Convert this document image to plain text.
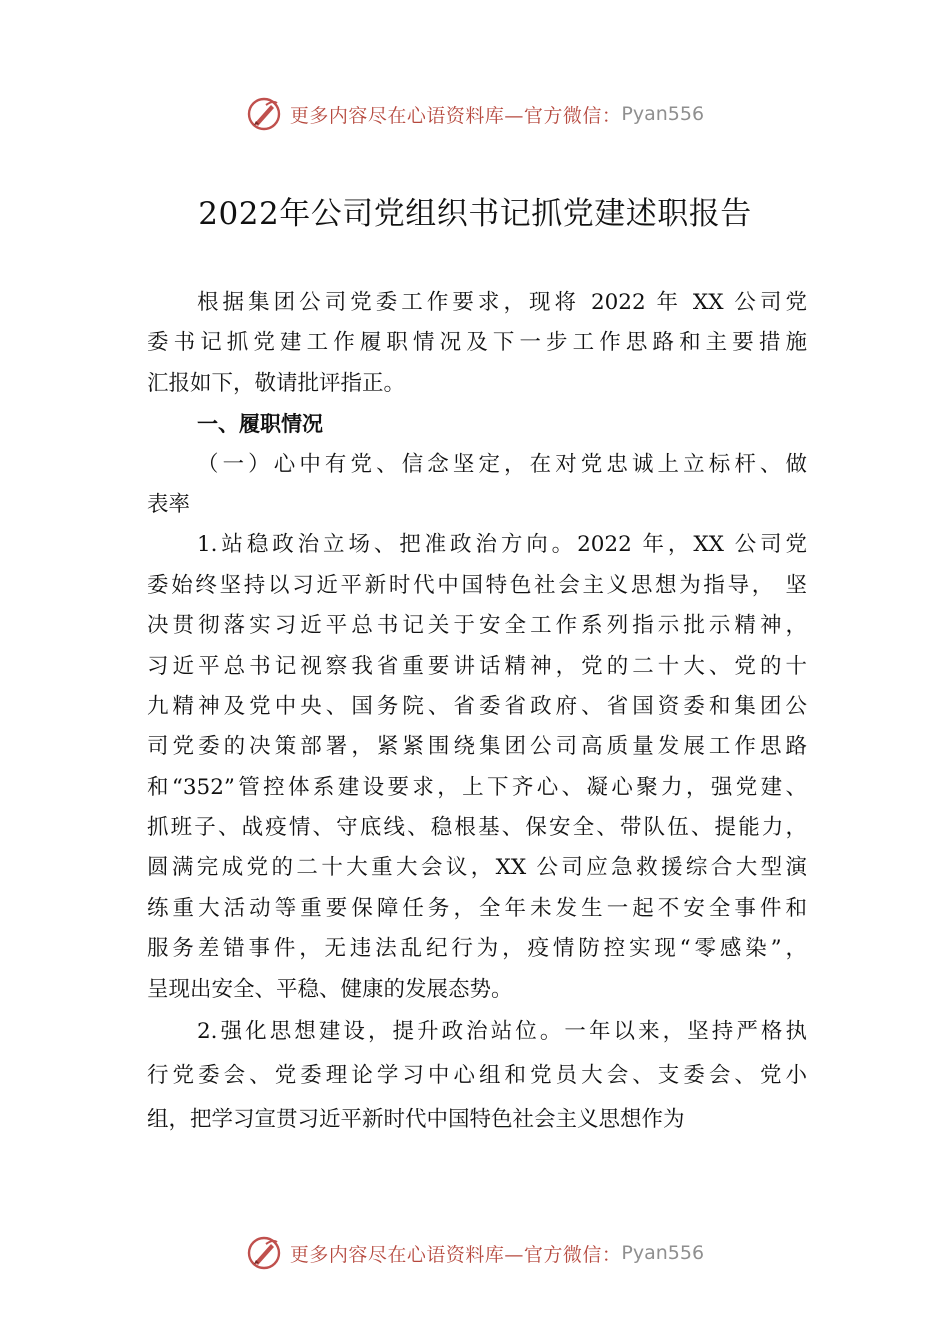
更多内容尽在心语资料库—官方微信： Pyan556
2022年公司党组织书记抓党建述职报告
根据集团公司党委工作要求，现将 2022 年 XX 公司党
委书记抓党建工作履职情况及下一步工作思路和主要措施
汇报如下，敬请批评指正。
一、履职情况
（一）心中有党、信念坚定，在对党忠诚上立标杆、做
表率
1.站稳政治立场、把准政治方向。2022 年，XX 公司党
委始终坚持以习近平新时代中国特色社会主义思想为指导， 坚
决贯彻落实习近平总书记关于安全工作系列指示批示精神，
习近平总书记视察我省重要讲话精神，党的二十大、党的十
九精神及党中央、国务院、省委省政府、省国资委和集团公
司党委的决策部署，紧紧围绕集团公司高质量发展工作思路
和“352”管控体系建设要求，上下齐心、凝心聚力，强党建、
抓班子、战疫情、守底线、稳根基、保安全、带队伍、提能力，
圆满完成党的二十大重大会议，XX 公司应急救援综合大型演
练重大活动等重要保障任务，全年未发生一起不安全事件和
服务差错事件，无违法乱纪行为，疫情防控实现“零感染”，
呈现出安全、平稳、健康的发展态势。
2.强化思想建设，提升政治站位。一年以来，坚持严格执
行党委会、党委理论学习中心组和党员大会、支委会、党小
组，把学习宣贯习近平新时代中国特色社会主义思想作为
更多内容尽在心语资料库—官方微信： Pyan556
